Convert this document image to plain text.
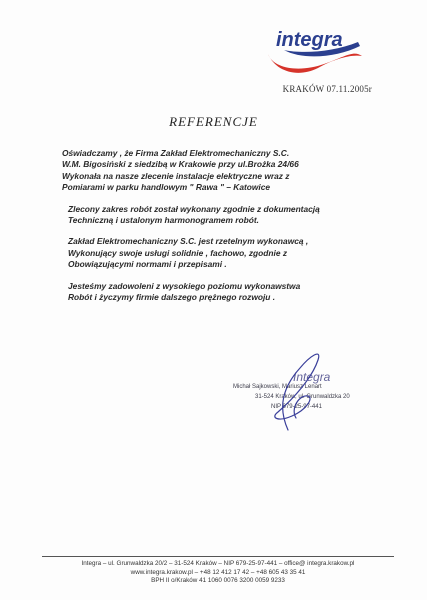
integra
KRAKÓW 07.11.2005r
REFERENCJE
Oświadczamy , że Firma Zakład Elektromechaniczny S.C.
W.M. Bigosiński z siedzibą w Krakowie przy ul.Brożka 24/66
Wykonała na nasze zlecenie instalacje elektryczne wraz z
Pomiarami w parku handlowym " Rawa " – Katowice
Zlecony zakres robót został wykonany zgodnie z dokumentacją
Techniczną i ustalonym harmonogramem robót.
Zakład Elektromechaniczny S.C. jest rzetelnym wykonawcą ,
Wykonujący swoje usługi solidnie , fachowo, zgodnie z
Obowiązującymi normami i przepisami .
Jesteśmy zadowoleni z wysokiego poziomu wykonawstwa
Robót i życzymy firmie dalszego prężnego rozwoju .
Integra
Michał Sajkowski, Mariusz Lenart
31-524 Kraków, ul. Grunwaldzka 20
NIP 679-25-97-441
Integra – ul. Grunwaldzka 20/2 – 31-524 Kraków – NIP 679-25-97-441 – office@ integra.krakow.pl
www.integra.krakow.pl – +48 12 412 17 42 – +48 605 43 35 41
BPH II o/Kraków 41 1060 0076 3200 0059 9233
